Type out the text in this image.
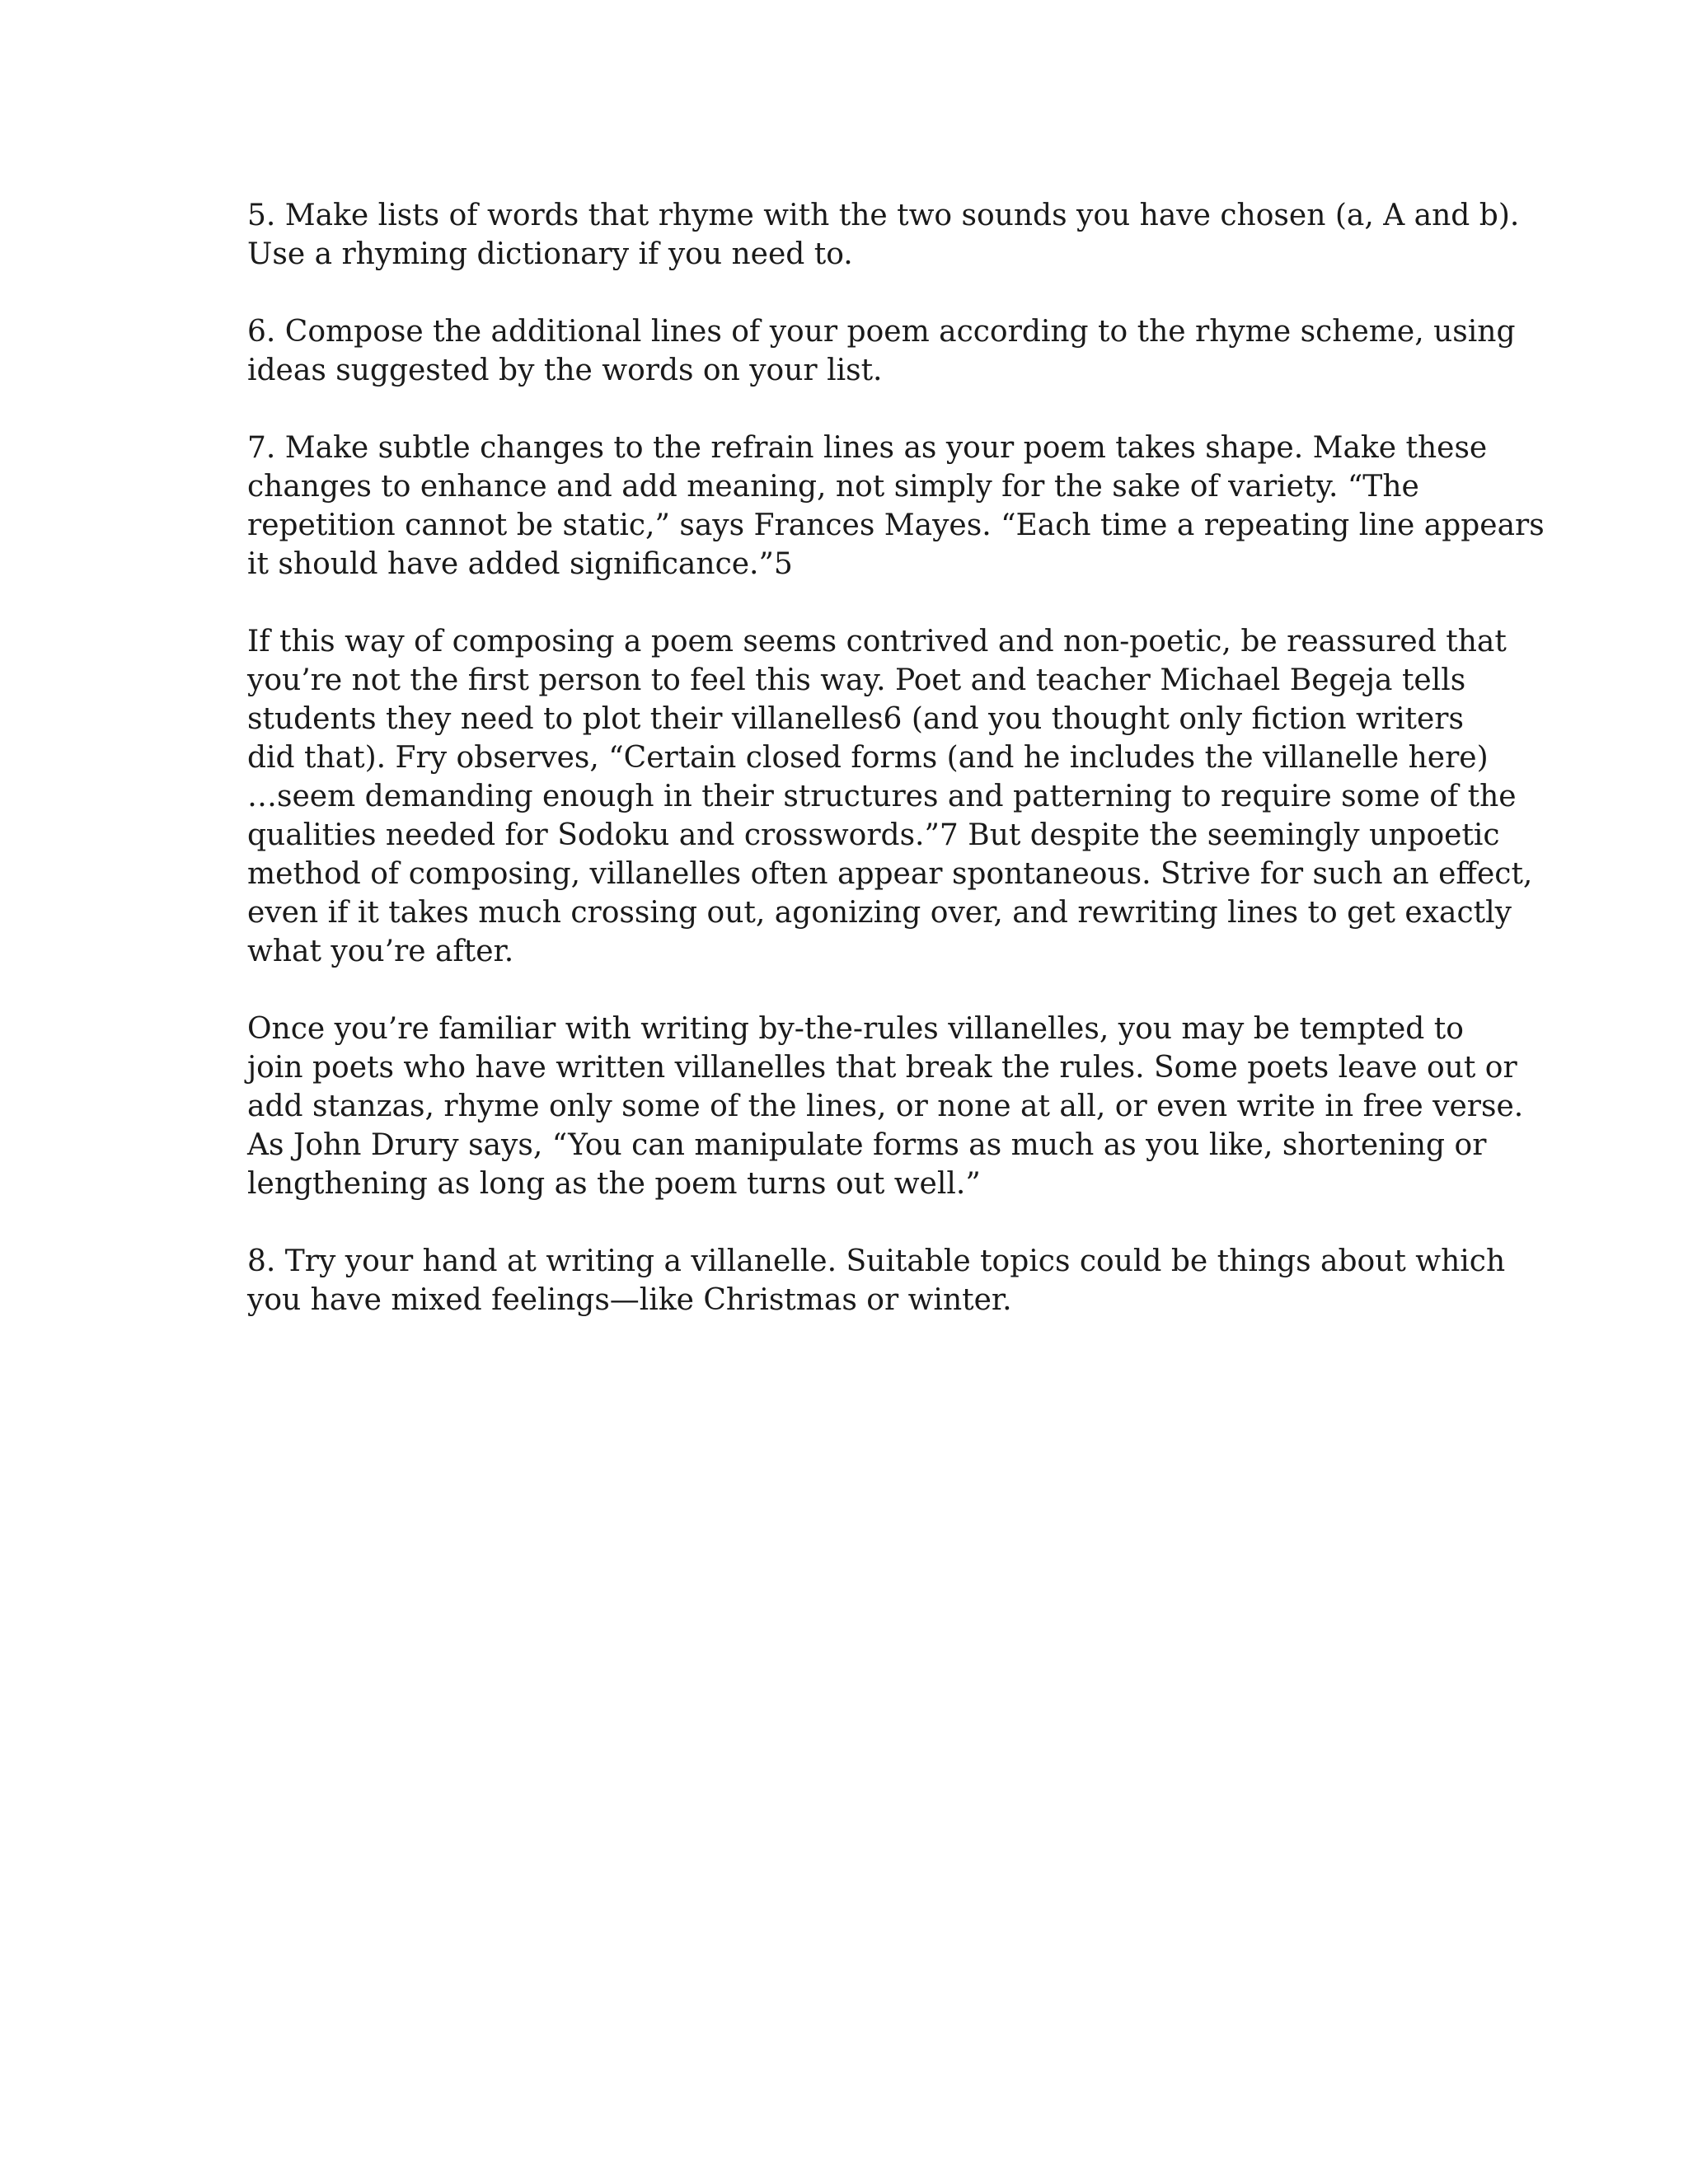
5. Make lists of words that rhyme with the two sounds you have chosen (a, A and b).
Use a rhyming dictionary if you need to.

6. Compose the additional lines of your poem according to the rhyme scheme, using
ideas suggested by the words on your list.

7. Make subtle changes to the refrain lines as your poem takes shape. Make these
changes to enhance and add meaning, not simply for the sake of variety. “The
repetition cannot be static,” says Frances Mayes. “Each time a repeating line appears
it should have added significance.”5

If this way of composing a poem seems contrived and non-poetic, be reassured that
you’re not the first person to feel this way. Poet and teacher Michael Begeja tells
students they need to plot their villanelles6 (and you thought only fiction writers
did that). Fry observes, “Certain closed forms (and he includes the villanelle here)
…seem demanding enough in their structures and patterning to require some of the
qualities needed for Sodoku and crosswords.”7 But despite the seemingly unpoetic
method of composing, villanelles often appear spontaneous. Strive for such an effect,
even if it takes much crossing out, agonizing over, and rewriting lines to get exactly
what you’re after.

Once you’re familiar with writing by-the-rules villanelles, you may be tempted to
join poets who have written villanelles that break the rules. Some poets leave out or
add stanzas, rhyme only some of the lines, or none at all, or even write in free verse.
As John Drury says, “You can manipulate forms as much as you like, shortening or
lengthening as long as the poem turns out well.”

8. Try your hand at writing a villanelle. Suitable topics could be things about which
you have mixed feelings—like Christmas or winter.
